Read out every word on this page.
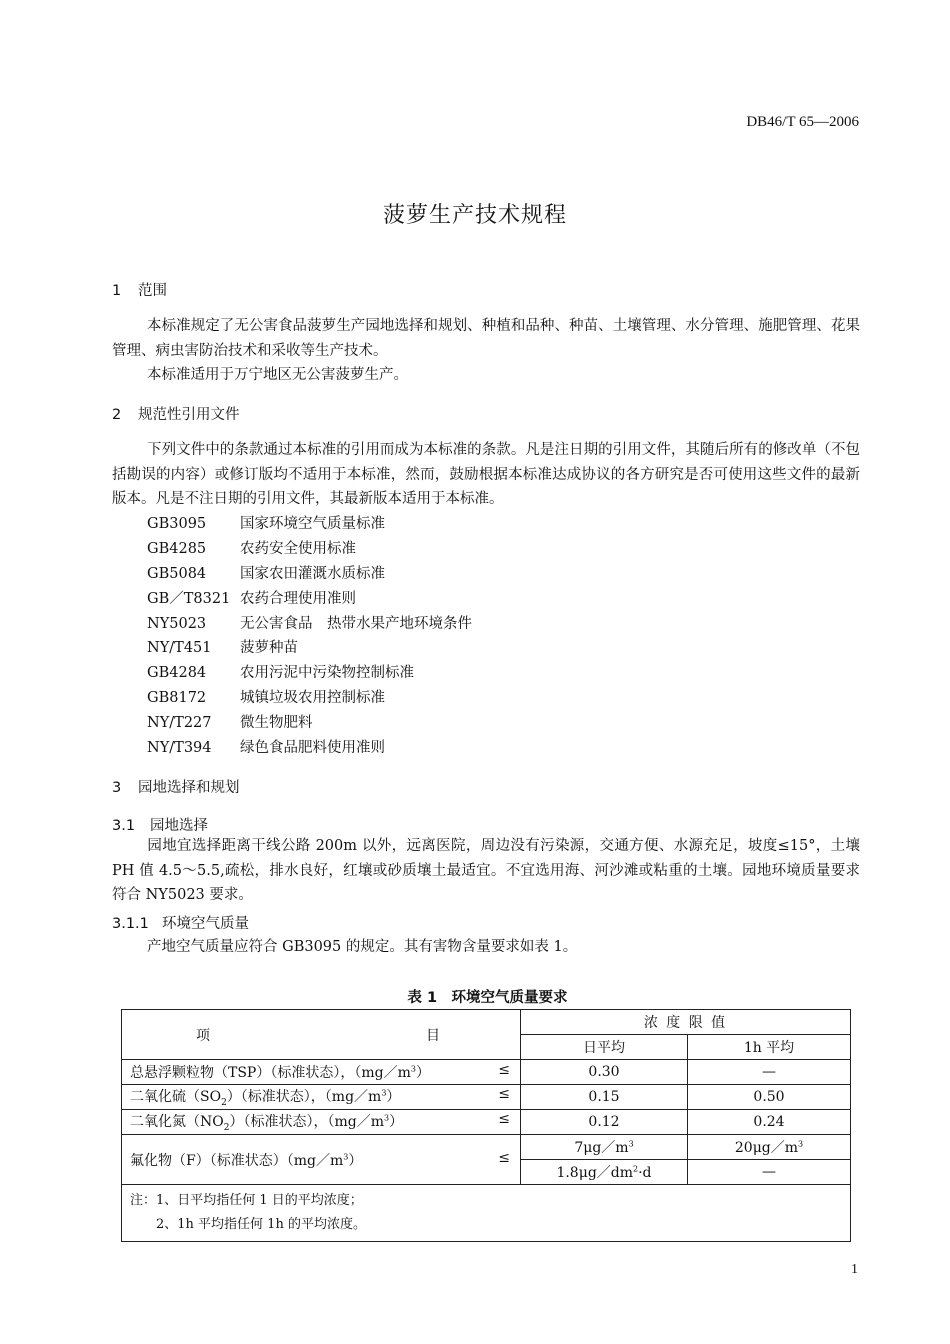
DB46/T 65—2006
菠萝生产技术规程
1 范围
本标准规定了无公害食品菠萝生产园地选择和规划、种植和品种、种苗、土壤管理、水分管理、施肥管理、花果管理、病虫害防治技术和采收等生产技术。
本标准适用于万宁地区无公害菠萝生产。
2 规范性引用文件
下列文件中的条款通过本标准的引用而成为本标准的条款。凡是注日期的引用文件，其随后所有的修改单（不包括勘误的内容）或修订版均不适用于本标准，然而，鼓励根据本标准达成协议的各方研究是否可使用这些文件的最新版本。凡是不注日期的引用文件，其最新版本适用于本标准。
GB3095 国家环境空气质量标准
GB4285 农药安全使用标准
GB5084 国家农田灌溉水质标准
GB／T8321 农药合理使用准则
NY5023 无公害食品　热带水果产地环境条件
NY/T451 菠萝种苗
GB4284 农用污泥中污染物控制标准
GB8172 城镇垃圾农用控制标准
NY/T227 微生物肥料
NY/T394 绿色食品肥料使用准则
3 园地选择和规划
3.1 园地选择
园地宜选择距离干线公路 200m 以外，远离医院，周边没有污染源，交通方便、水源充足，坡度≤15°，土壤 PH 值 4.5～5.5,疏松，排水良好，红壤或砂质壤土最适宜。不宜选用海、河沙滩或粘重的土壤。园地环境质量要求符合 NY5023 要求。
3.1.1 环境空气质量
产地空气质量应符合 GB3095 的规定。其有害物含量要求如表 1。
表 1　环境空气质量要求
项 目	浓 度 限 值	
	日平均	1h 平均
总悬浮颗粒物（TSP）（标准状态），$(mg/m^3)$ ≤	0.30	—
二氧化硫$(SO_2)$（标准状态），$(mg/m^3)$ ≤	0.15	0.50
二氧化氮$(NO_2)$（标准状态），$(mg/m^3)$ ≤	0.12	0.24
氟化物（F）（标准状态）$(mg/m^3)$ ≤	$7\mu g/m^3$	$20\mu g/m^3$
	$1.8\mu g/dm^2\cdot d$	—

注：1、日平均指任何 1 日的平均浓度；
2、1h 平均指任何 1h 的平均浓度。		
1
